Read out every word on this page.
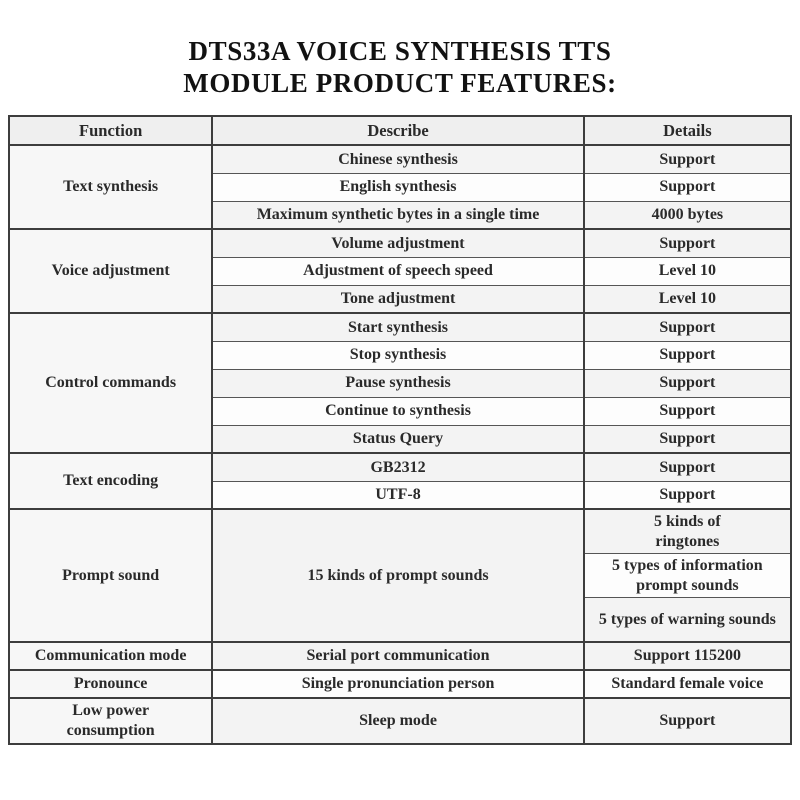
DTS33A VOICE SYNTHESIS TTS
MODULE PRODUCT FEATURES:
Function	Describe	Details
Text synthesis	Chinese synthesis	Support
	English synthesis	Support
	Maximum synthetic bytes in a single time	4000 bytes
Voice adjustment	Volume adjustment	Support
	Adjustment of speech speed	Level 10
	Tone adjustment	Level 10
Control commands	Start synthesis	Support
	Stop synthesis	Support
	Pause synthesis	Support
	Continue to synthesis	Support
	Status Query	Support
Text encoding	GB2312	Support
	UTF-8	Support
Prompt sound	15 kinds of prompt sounds	5 kinds of ringtones
		5 types of information prompt sounds
		5 types of warning sounds
Communication mode	Serial port communication	Support 115200
Pronounce	Single pronunciation person	Standard female voice
Low power consumption	Sleep mode	Support
